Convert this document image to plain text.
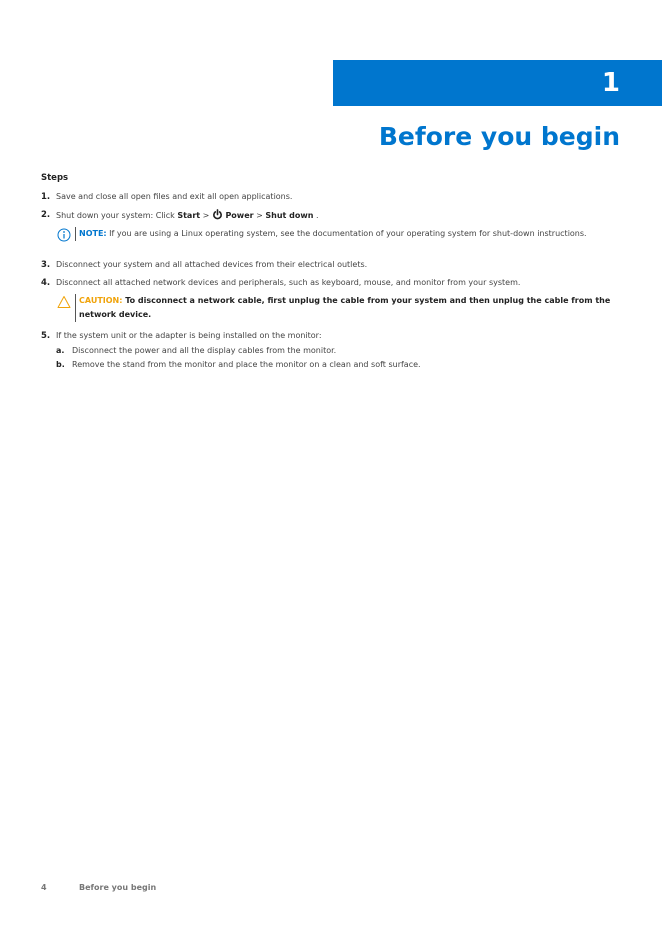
1
Before you begin
Steps
1. Save and close all open files and exit all open applications.
2. Shut down your system: Click Start >  Power > Shut down .
NOTE: If you are using a Linux operating system, see the documentation of your operating system for shut-down instructions.
3. Disconnect your system and all attached devices from their electrical outlets.
4. Disconnect all attached network devices and peripherals, such as keyboard, mouse, and monitor from your system.
CAUTION: To disconnect a network cable, first unplug the cable from your system and then unplug the cable from the network device.
5. If the system unit or the adapter is being installed on the monitor:
a. Disconnect the power and all the display cables from the monitor.
b. Remove the stand from the monitor and place the monitor on a clean and soft surface.
4	Before you begin
